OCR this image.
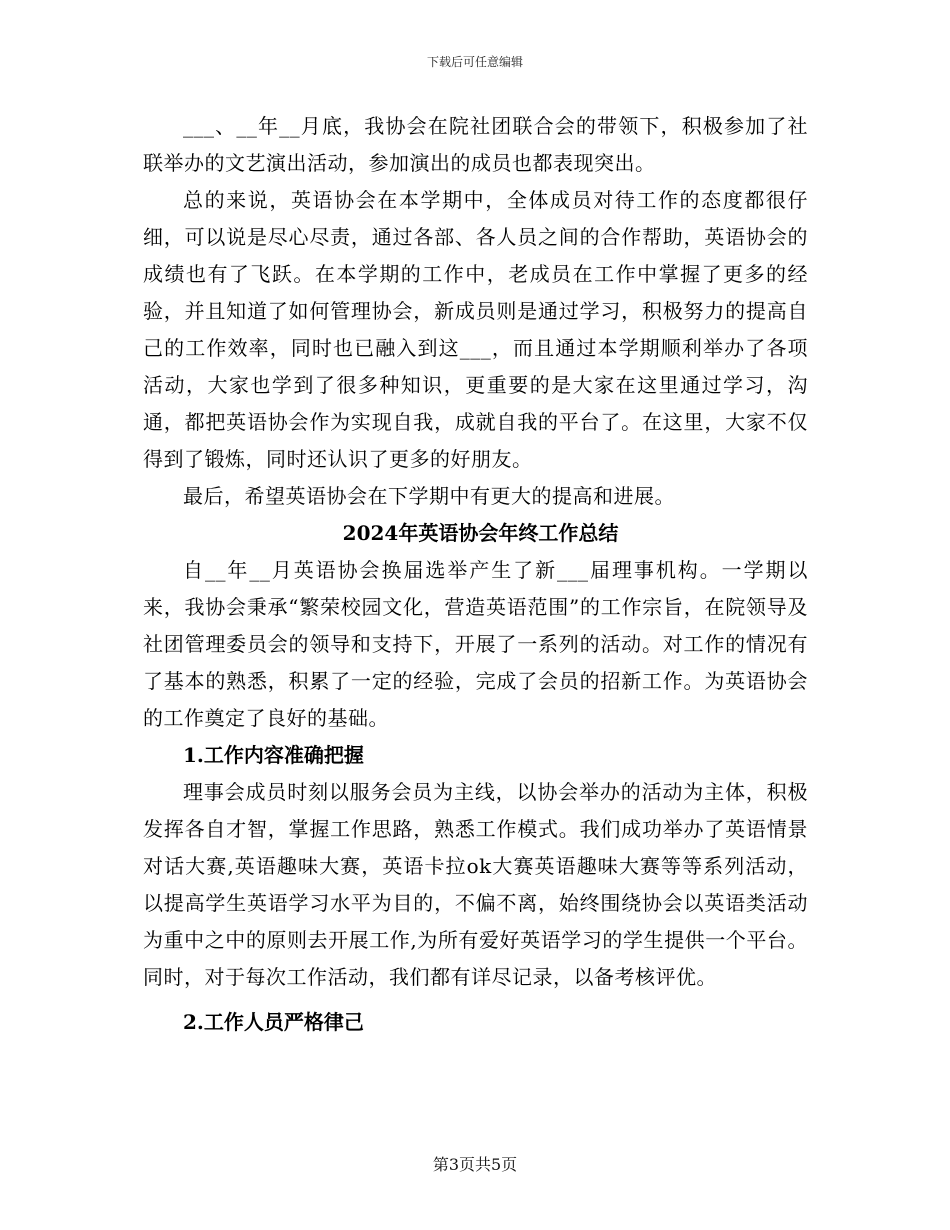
下载后可任意编辑

___、__年__月底，我协会在院社团联合会的带领下，积极参加了社联举办的文艺演出活动，参加演出的成员也都表现突出。

总的来说，英语协会在本学期中，全体成员对待工作的态度都很仔细，可以说是尽心尽责，通过各部、各人员之间的合作帮助，英语协会的成绩也有了飞跃。在本学期的工作中，老成员在工作中掌握了更多的经验，并且知道了如何管理协会，新成员则是通过学习，积极努力的提高自己的工作效率，同时也已融入到这___，而且通过本学期顺利举办了各项活动，大家也学到了很多种知识，更重要的是大家在这里通过学习，沟通，都把英语协会作为实现自我，成就自我的平台了。在这里，大家不仅得到了锻炼，同时还认识了更多的好朋友。

最后，希望英语协会在下学期中有更大的提高和进展。

2024年英语协会年终工作总结

自__年__月英语协会换届选举产生了新___届理事机构。一学期以来，我协会秉承“繁荣校园文化，营造英语范围”的工作宗旨，在院领导及社团管理委员会的领导和支持下，开展了一系列的活动。对工作的情况有了基本的熟悉，积累了一定的经验，完成了会员的招新工作。为英语协会的工作奠定了良好的基础。

1.工作内容准确把握

理事会成员时刻以服务会员为主线，以协会举办的活动为主体，积极发挥各自才智，掌握工作思路，熟悉工作模式。我们成功举办了英语情景对话大赛,英语趣味大赛，英语卡拉ok大赛英语趣味大赛等等系列活动，以提高学生英语学习水平为目的，不偏不离，始终围绕协会以英语类活动为重中之中的原则去开展工作,为所有爱好英语学习的学生提供一个平台。同时，对于每次工作活动，我们都有详尽记录，以备考核评优。

2.工作人员严格律己

第3页共5页
